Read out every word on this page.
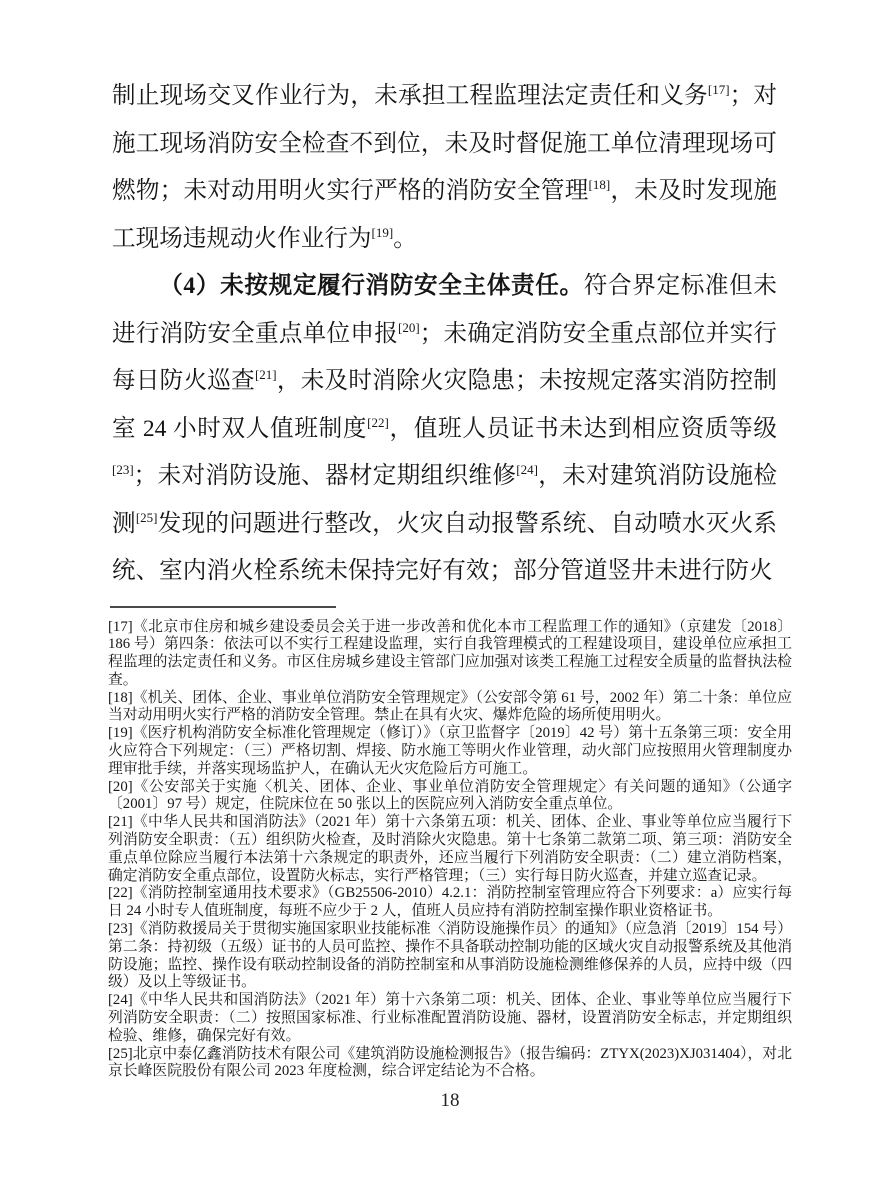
制止现场交叉作业行为，未承担工程监理法定责任和义务[17]；对施工现场消防安全检查不到位，未及时督促施工单位清理现场可燃物；未对动用明火实行严格的消防安全管理[18]，未及时发现施工现场违规动火作业行为[19]。

（4）未按规定履行消防安全主体责任。符合界定标准但未进行消防安全重点单位申报[20]；未确定消防安全重点部位并实行每日防火巡查[21]，未及时消除火灾隐患；未按规定落实消防控制室 24 小时双人值班制度[22]，值班人员证书未达到相应资质等级[23]；未对消防设施、器材定期组织维修[24]，未对建筑消防设施检测[25]发现的问题进行整改，火灾自动报警系统、自动喷水灭火系统、室内消火栓系统未保持完好有效；部分管道竖井未进行防火

[17]《北京市住房和城乡建设委员会关于进一步改善和优化本市工程监理工作的通知》（京建发〔2018〕186 号）第四条：依法可以不实行工程建设监理，实行自我管理模式的工程建设项目，建设单位应承担工程监理的法定责任和义务。市区住房城乡建设主管部门应加强对该类工程施工过程安全质量的监督执法检查。

[18]《机关、团体、企业、事业单位消防安全管理规定》（公安部令第 61 号，2002 年）第二十条：单位应当对动用明火实行严格的消防安全管理。禁止在具有火灾、爆炸危险的场所使用明火。

[19]《医疗机构消防安全标准化管理规定（修订）》（京卫监督字〔2019〕42 号）第十五条第三项：安全用火应符合下列规定：（三）严格切割、焊接、防水施工等明火作业管理，动火部门应按照用火管理制度办理审批手续，并落实现场监护人，在确认无火灾危险后方可施工。

[20]《公安部关于实施〈机关、团体、企业、事业单位消防安全管理规定〉有关问题的通知》（公通字〔2001〕97 号）规定，住院床位在 50 张以上的医院应列入消防安全重点单位。

[21]《中华人民共和国消防法》（2021 年）第十六条第五项：机关、团体、企业、事业等单位应当履行下列消防安全职责：（五）组织防火检查，及时消除火灾隐患。第十七条第二款第二项、第三项：消防安全重点单位除应当履行本法第十六条规定的职责外，还应当履行下列消防安全职责：（二）建立消防档案，确定消防安全重点部位，设置防火标志，实行严格管理；（三）实行每日防火巡查，并建立巡查记录。

[22]《消防控制室通用技术要求》（GB25506-2010）4.2.1：消防控制室管理应符合下列要求：a）应实行每日 24 小时专人值班制度，每班不应少于 2 人，值班人员应持有消防控制室操作职业资格证书。

[23]《消防救援局关于贯彻实施国家职业技能标准〈消防设施操作员〉的通知》（应急消〔2019〕154 号）第二条：持初级（五级）证书的人员可监控、操作不具备联动控制功能的区域火灾自动报警系统及其他消防设施；监控、操作设有联动控制设备的消防控制室和从事消防设施检测维修保养的人员，应持中级（四级）及以上等级证书。

[24]《中华人民共和国消防法》（2021 年）第十六条第二项：机关、团体、企业、事业等单位应当履行下列消防安全职责：（二）按照国家标准、行业标准配置消防设施、器材，设置消防安全标志，并定期组织检验、维修，确保完好有效。

[25]北京中泰亿鑫消防技术有限公司《建筑消防设施检测报告》（报告编码：ZTYX(2023)XJ031404），对北京长峰医院股份有限公司 2023 年度检测，综合评定结论为不合格。

18
